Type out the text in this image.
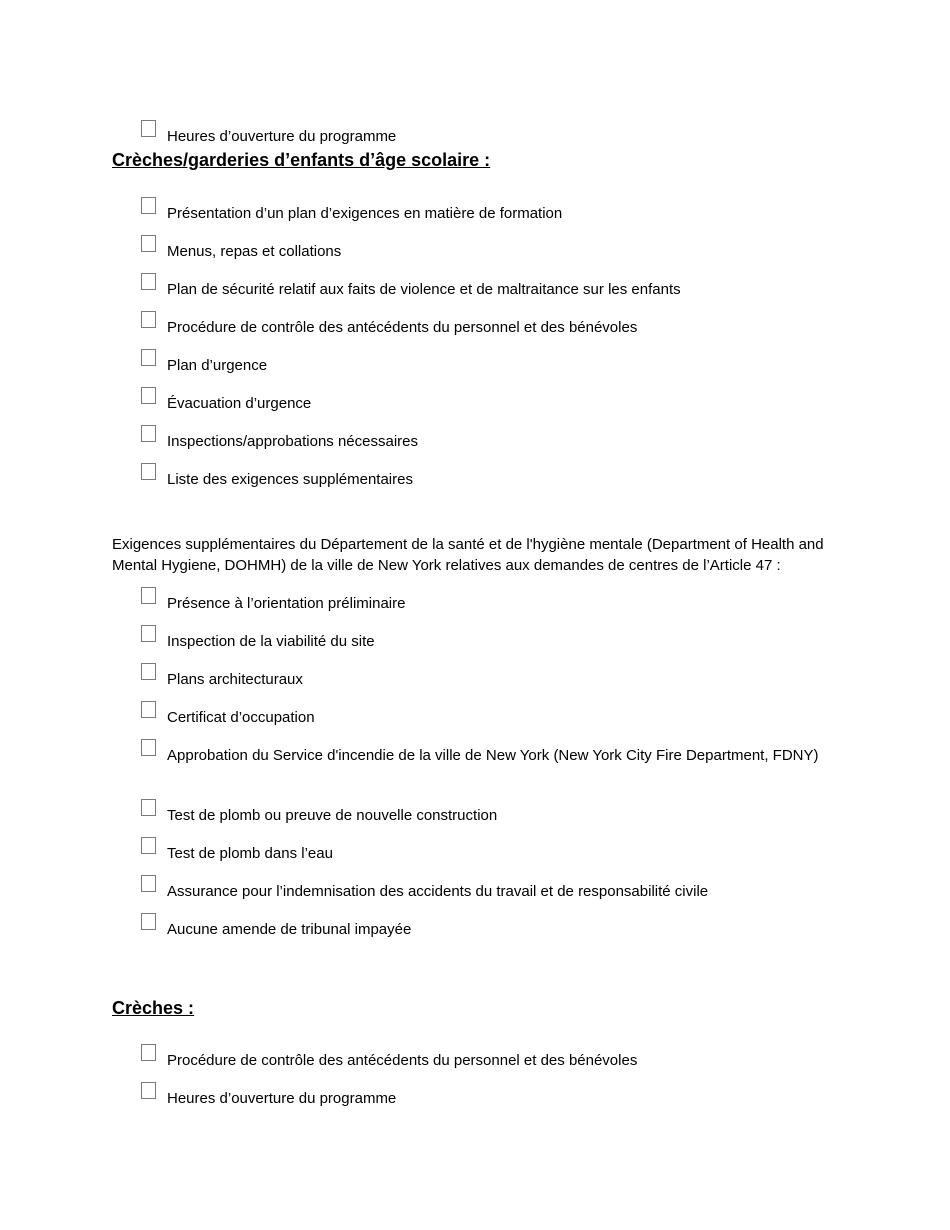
Heures d’ouverture du programme
Crèches/garderies d’enfants d’âge scolaire :
Présentation d’un plan d’exigences en matière de formation
Menus, repas et collations
Plan de sécurité relatif aux faits de violence et de maltraitance sur les enfants
Procédure de contrôle des antécédents du personnel et des bénévoles
Plan d’urgence
Évacuation d’urgence
Inspections/approbations nécessaires
Liste des exigences supplémentaires
Exigences supplémentaires du Département de la santé et de l'hygiène mentale (Department of Health and Mental Hygiene, DOHMH) de la ville de New York relatives aux demandes de centres de l’Article 47 :
Présence à l’orientation préliminaire
Inspection de la viabilité du site
Plans architecturaux
Certificat d’occupation
Approbation du Service d'incendie de la ville de New York (New York City Fire Department, FDNY)
Test de plomb ou preuve de nouvelle construction
Test de plomb dans l’eau
Assurance pour l’indemnisation des accidents du travail et de responsabilité civile
Aucune amende de tribunal impayée
Crèches :
Procédure de contrôle des antécédents du personnel et des bénévoles
Heures d’ouverture du programme
